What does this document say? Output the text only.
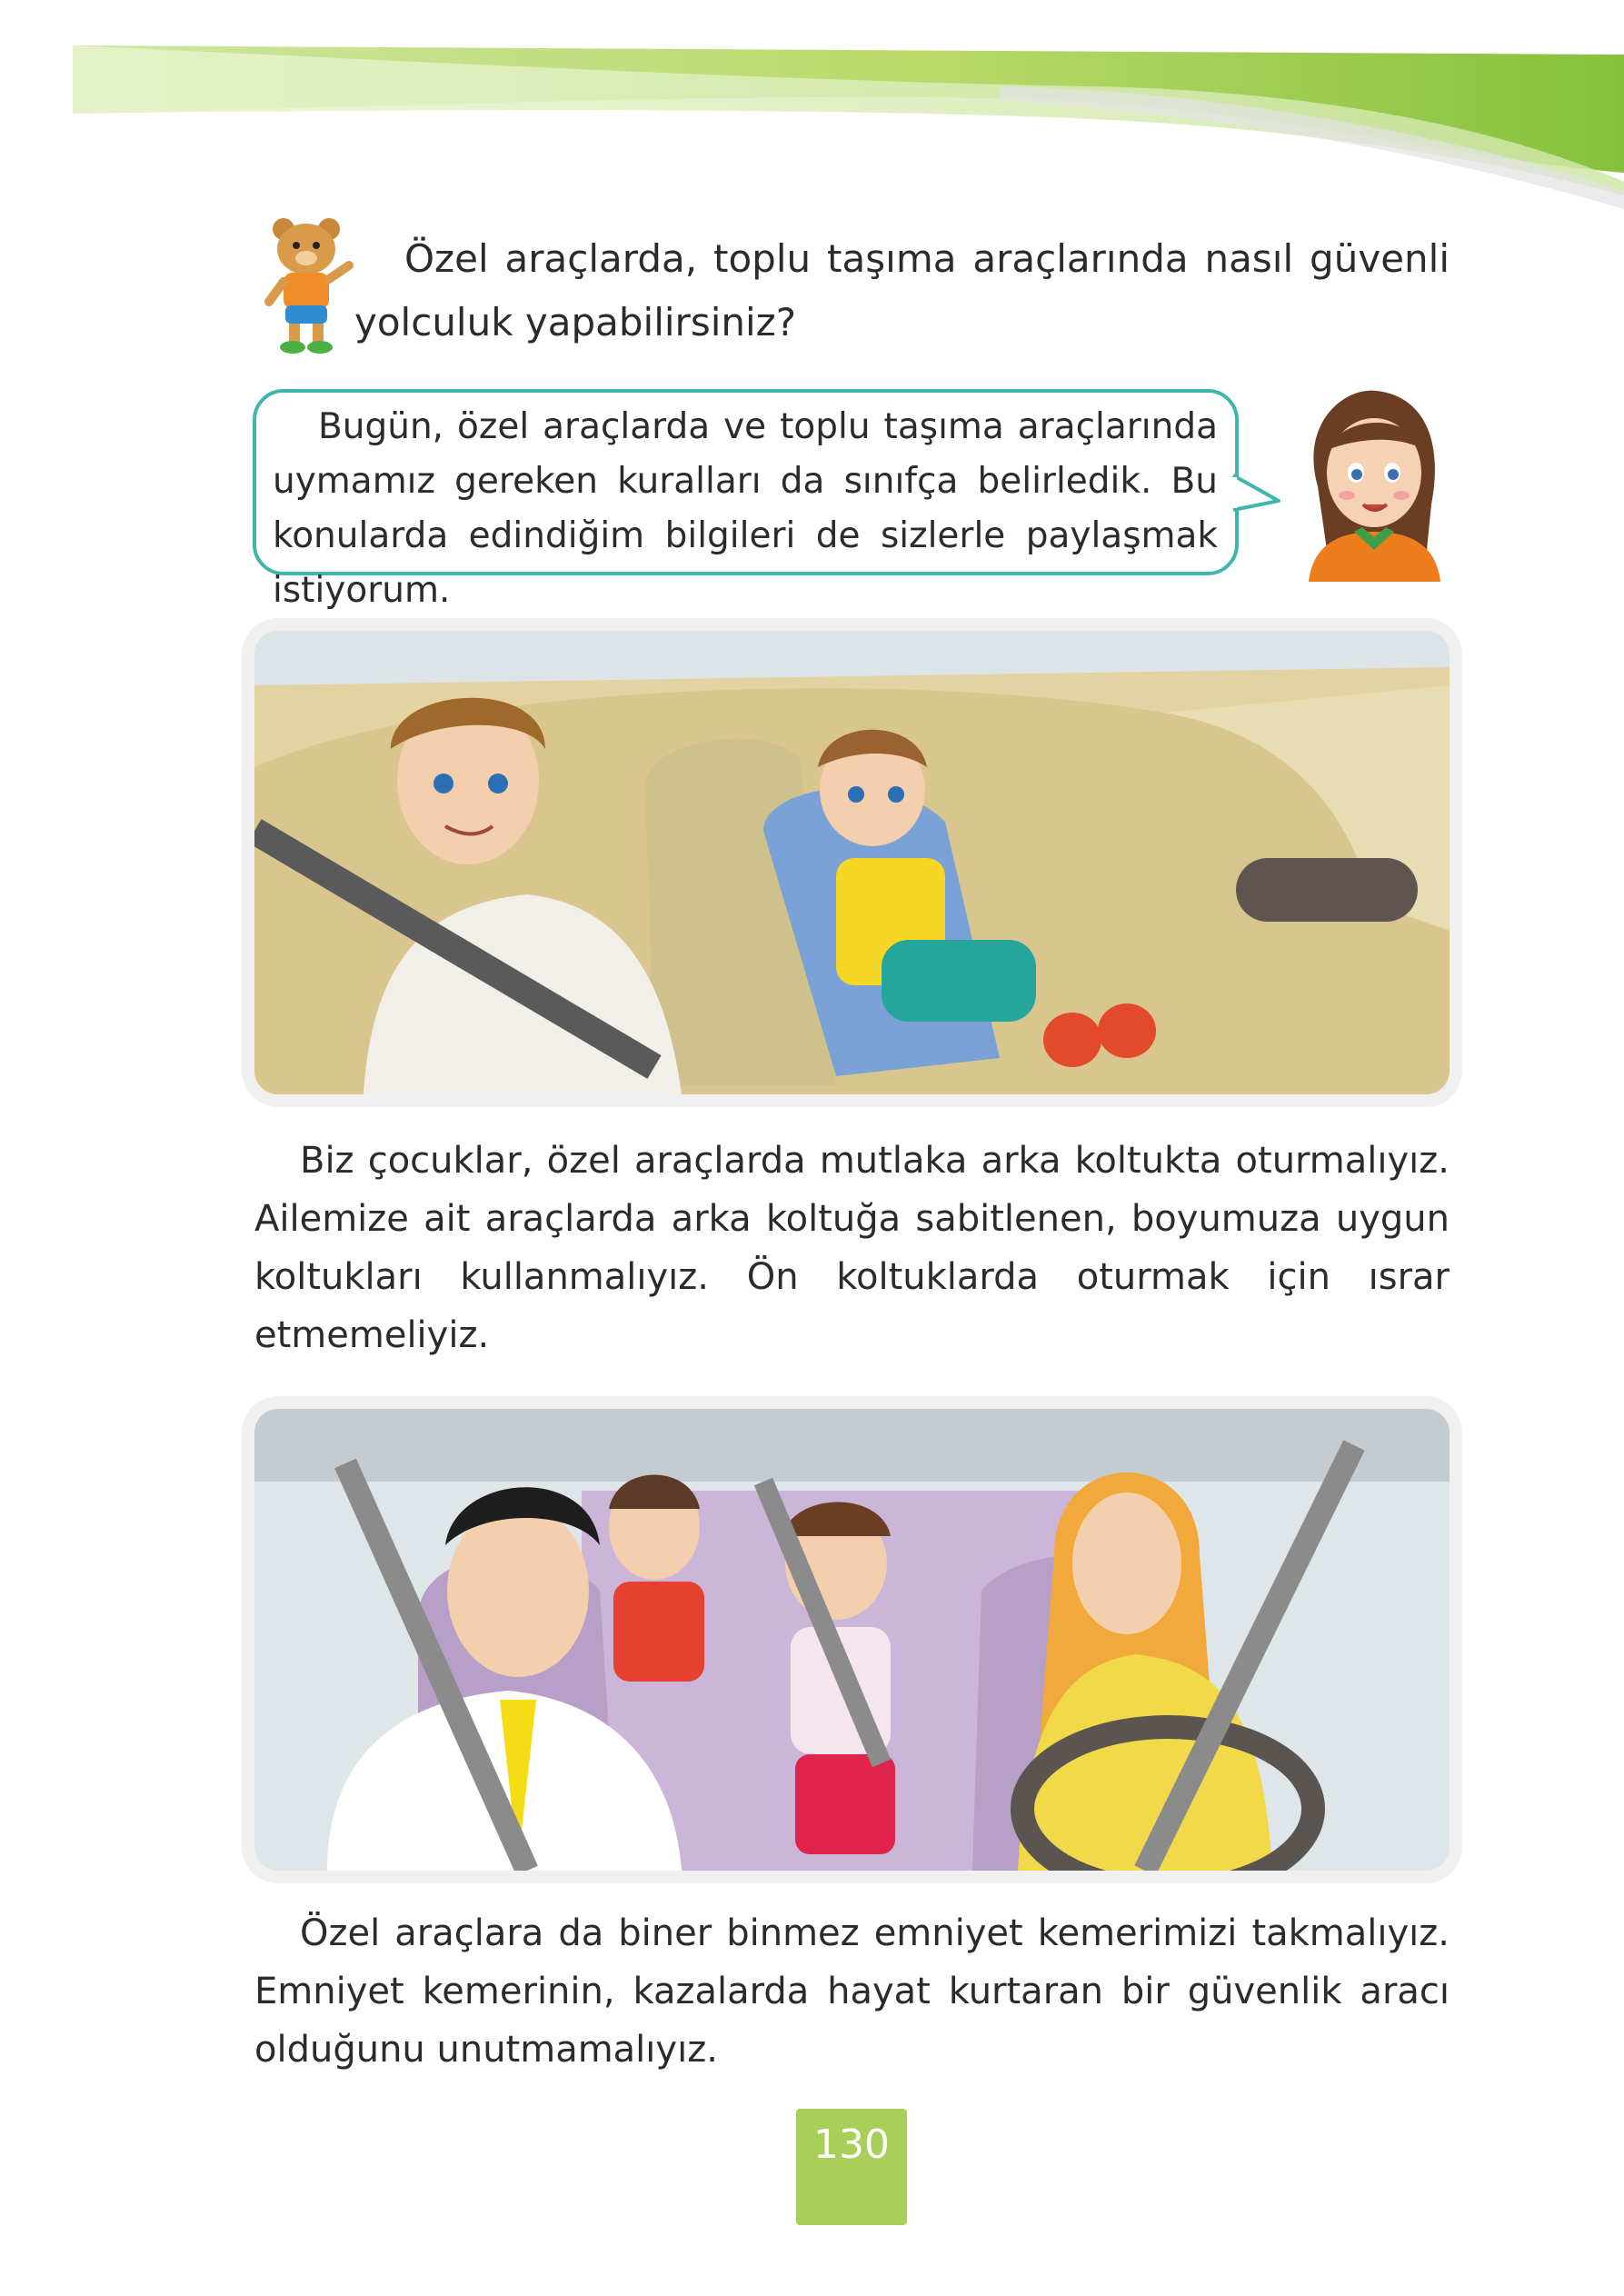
Özel araçlarda, toplu taşıma araçlarında nasıl güvenli yolculuk yapabilirsiniz?

Bugün, özel araçlarda ve toplu taşıma araçlarında uymamız gereken kuralları da sınıfça belirledik. Bu konularda edindiğim bilgileri de sizlerle paylaşmak istiyorum.

Biz çocuklar, özel araçlarda mutlaka arka koltukta oturmalıyız. Ailemize ait araçlarda arka koltuğa sabitlenen, boyumuza uygun koltukları kullanmalıyız. Ön koltuklarda oturmak için ısrar etmemeliyiz.

Özel araçlara da biner binmez emniyet kemerimizi takmalıyız. Emniyet kemerinin, kazalarda hayat kurtaran bir güvenlik aracı olduğunu unutmamalıyız.

130
